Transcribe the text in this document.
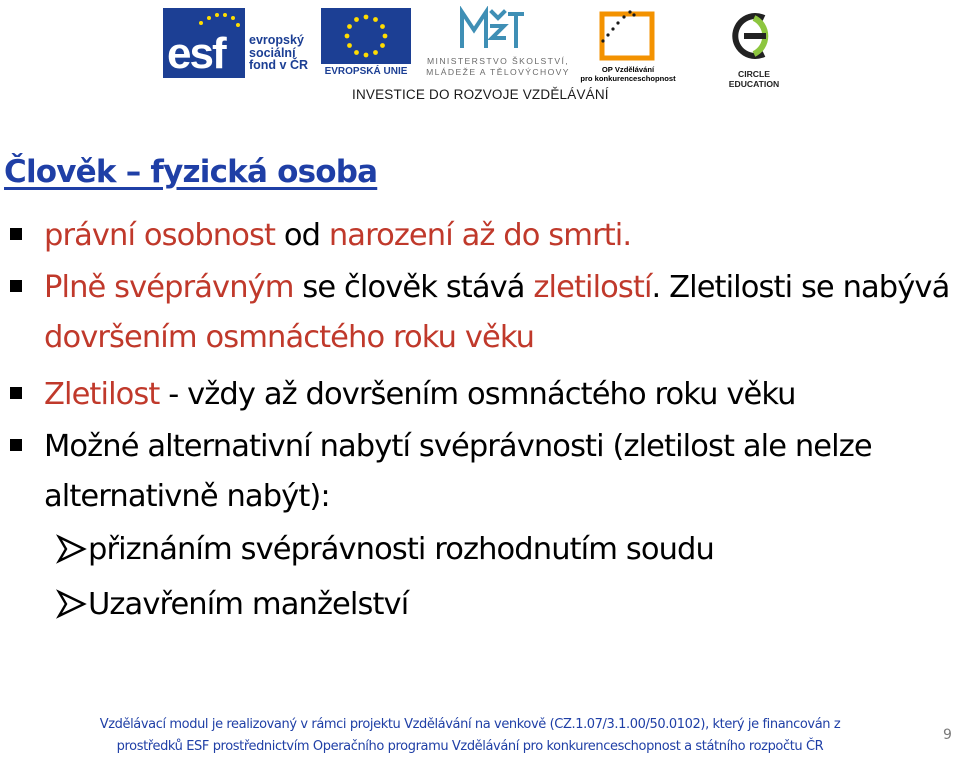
esf evropský
sociální
fond v ČR	EVROPSKÁ UNIE
MINISTERSTVO ŠKOLSTVÍ,
MLÁDEŽE A TĚLOVÝCHOVY	OP Vzdělávání
pro konkurenceschopnost	CIRCLE EDUCATION
INVESTICE DO ROZVOJE VZDĚLÁVÁNÍ
Člověk – fyzická osoba
právní osobnost od narození až do smrti.
Plně svéprávným se člověk stává zletilostí. Zletilosti se nabývá dovršením osmnáctého roku věku
Zletilost - vždy až dovršením osmnáctého roku věku
Možné alternativní nabytí svéprávnosti (zletilost ale nelze alternativně nabýt):
přiznáním svéprávnosti rozhodnutím soudu
Uzavřením manželství
Vzdělávací modul je realizovaný v rámci projektu Vzdělávání na venkově (CZ.1.07/3.1.00/50.0102), který je financován z
prostředků ESF prostřednictvím Operačního programu Vzdělávání pro konkurenceschopnost a státního rozpočtu ČR
9
